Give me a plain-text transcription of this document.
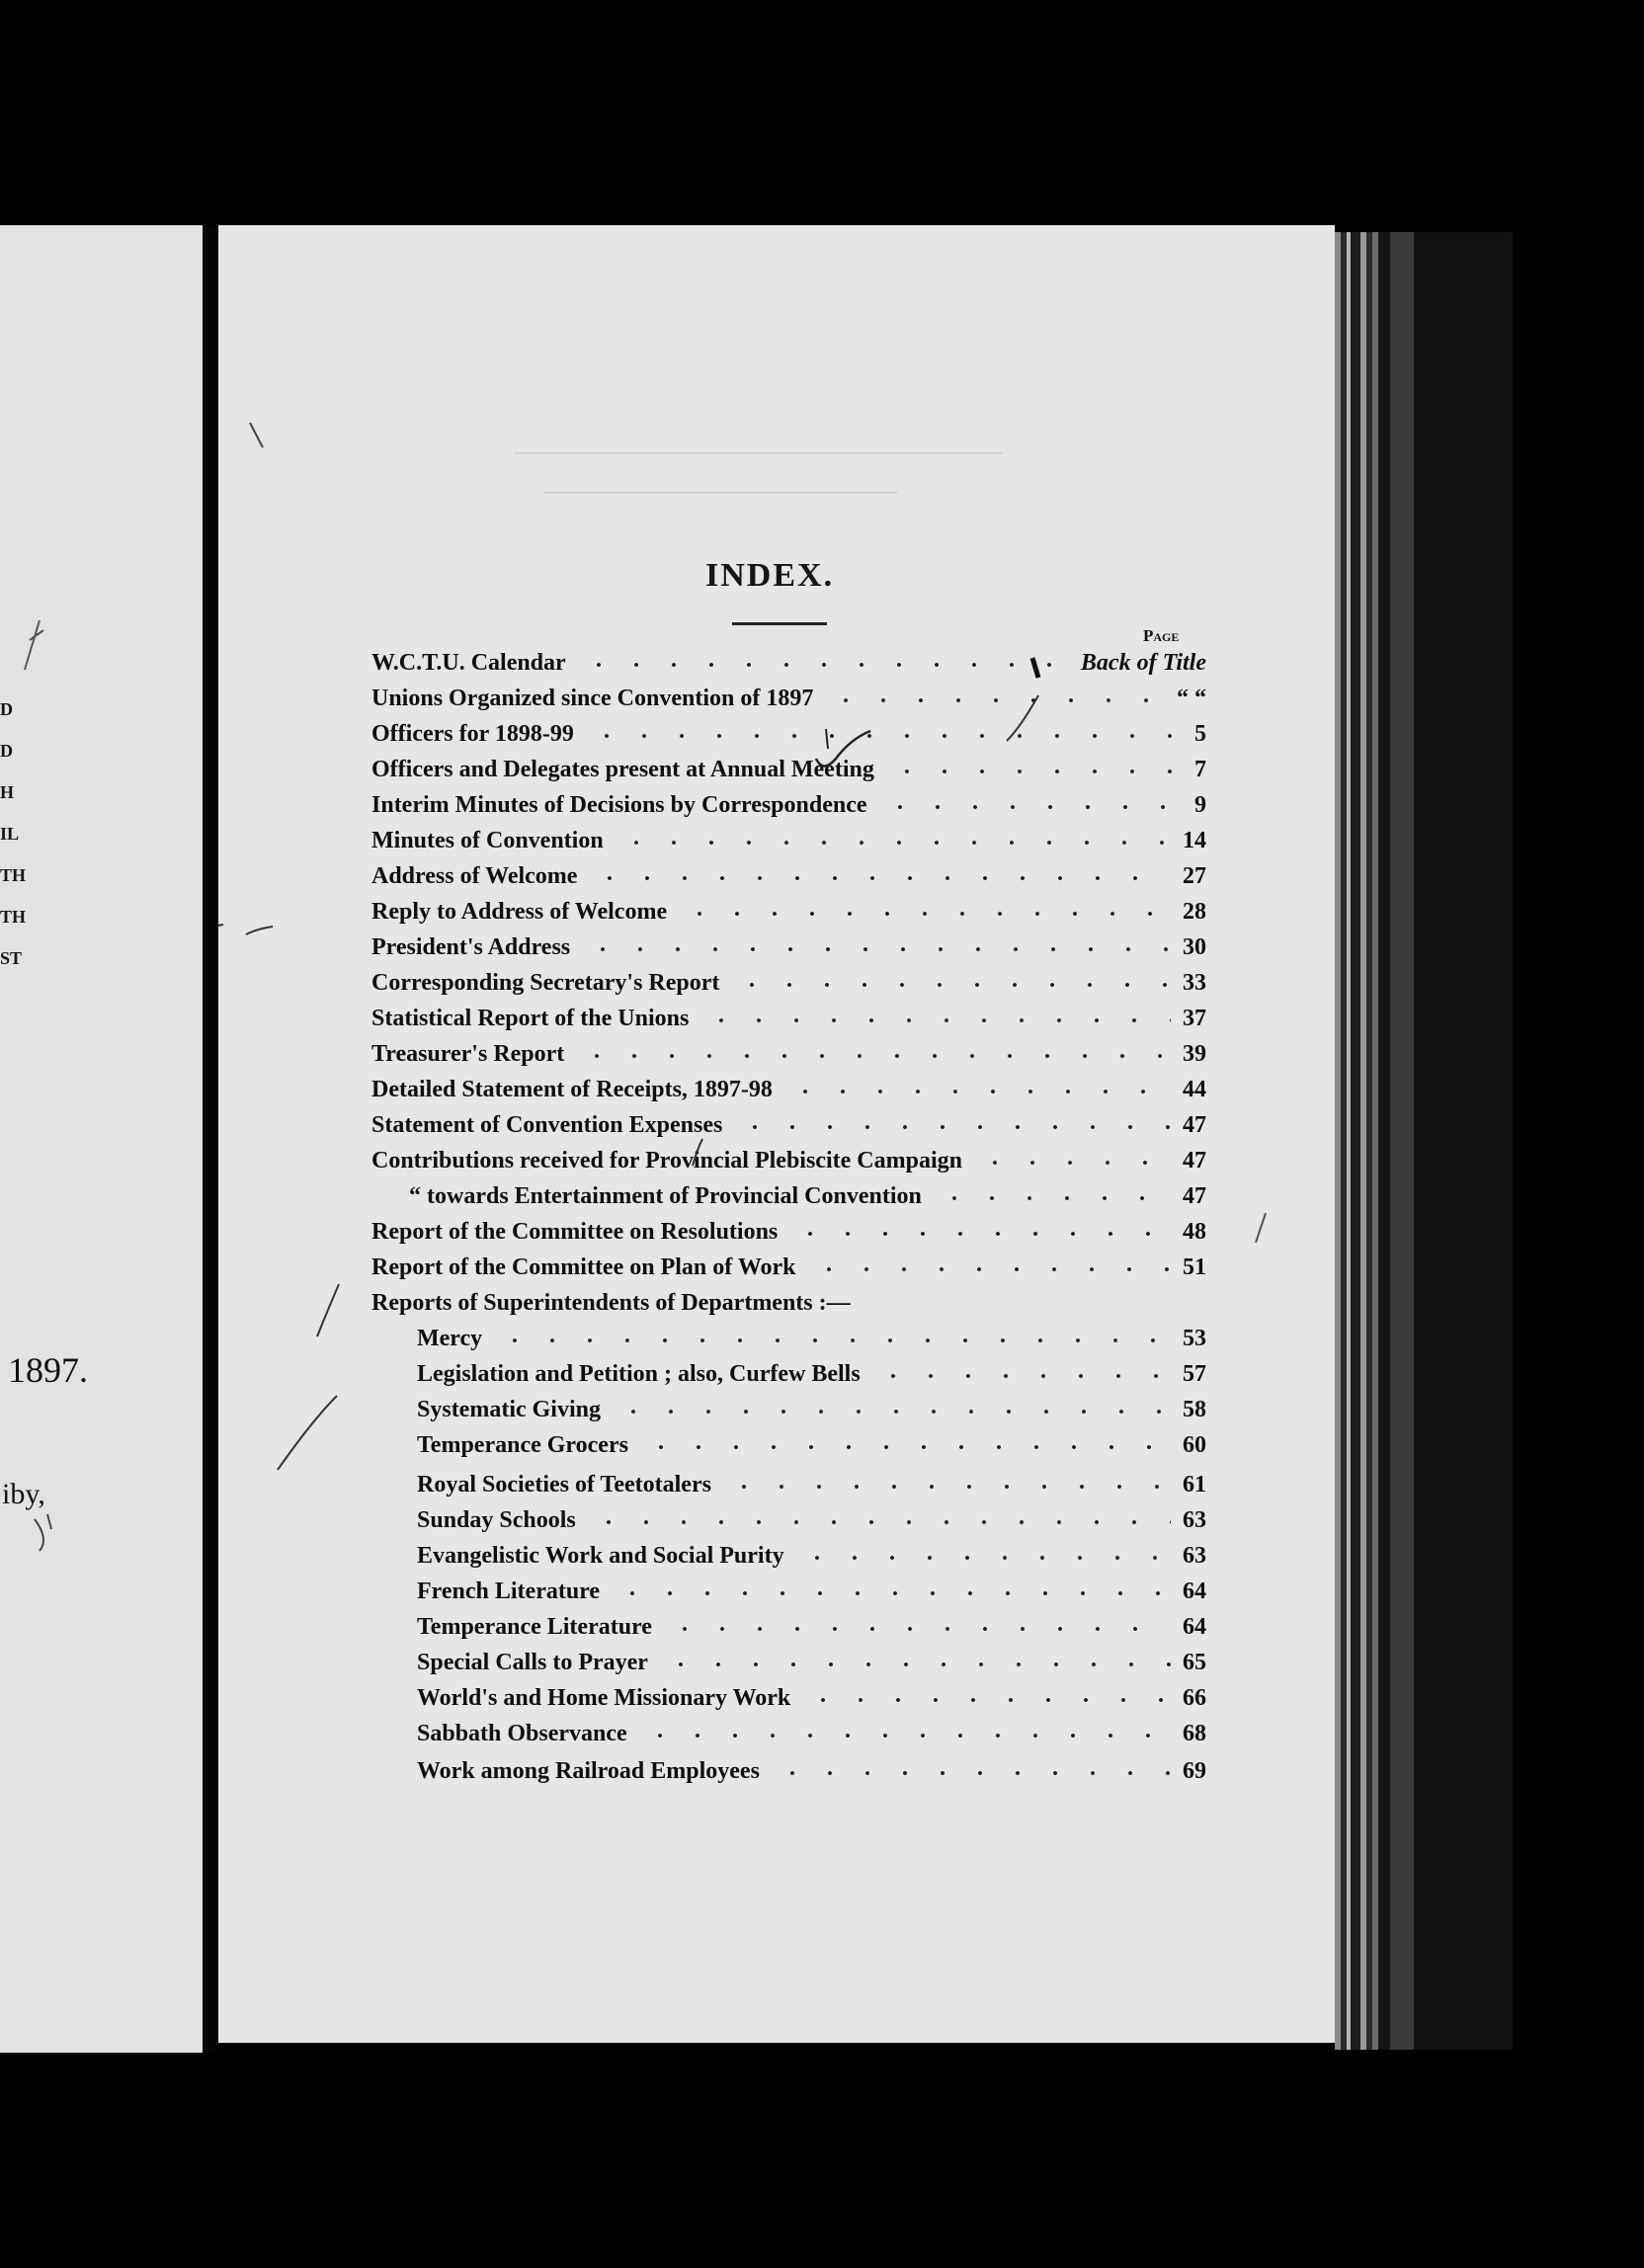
D
D
H
IL
TH
TH
ST
1897.
iby,
─────────────────────────────
─────────────────────
INDEX.
Page
W.C.T.U. Calendar	Back of Title
Unions Organized since Convention of 1897	“ “
Officers for 1898-99	5
Officers and Delegates present at Annual Meeting	7
Interim Minutes of Decisions by Correspondence	9
Minutes of Convention	14
Address of Welcome	27
Reply to Address of Welcome	28
President's Address	30
Corresponding Secretary's Report	33
Statistical Report of the Unions	37
Treasurer's Report	39
Detailed Statement of Receipts, 1897-98	44
Statement of Convention Expenses	47
Contributions received for Provincial Plebiscite Campaign	47
“ towards Entertainment of Provincial Convention	47
Report of the Committee on Resolutions	48
Report of the Committee on Plan of Work	51
Reports of Superintendents of Departments :—
Mercy	53
Legislation and Petition ; also, Curfew Bells	57
Systematic Giving	58
Temperance Grocers	60
Royal Societies of Teetotalers	61
Sunday Schools	63
Evangelistic Work and Social Purity	63
French Literature	64
Temperance Literature	64
Special Calls to Prayer	65
World's and Home Missionary Work	66
Sabbath Observance	68
Work among Railroad Employees	69
